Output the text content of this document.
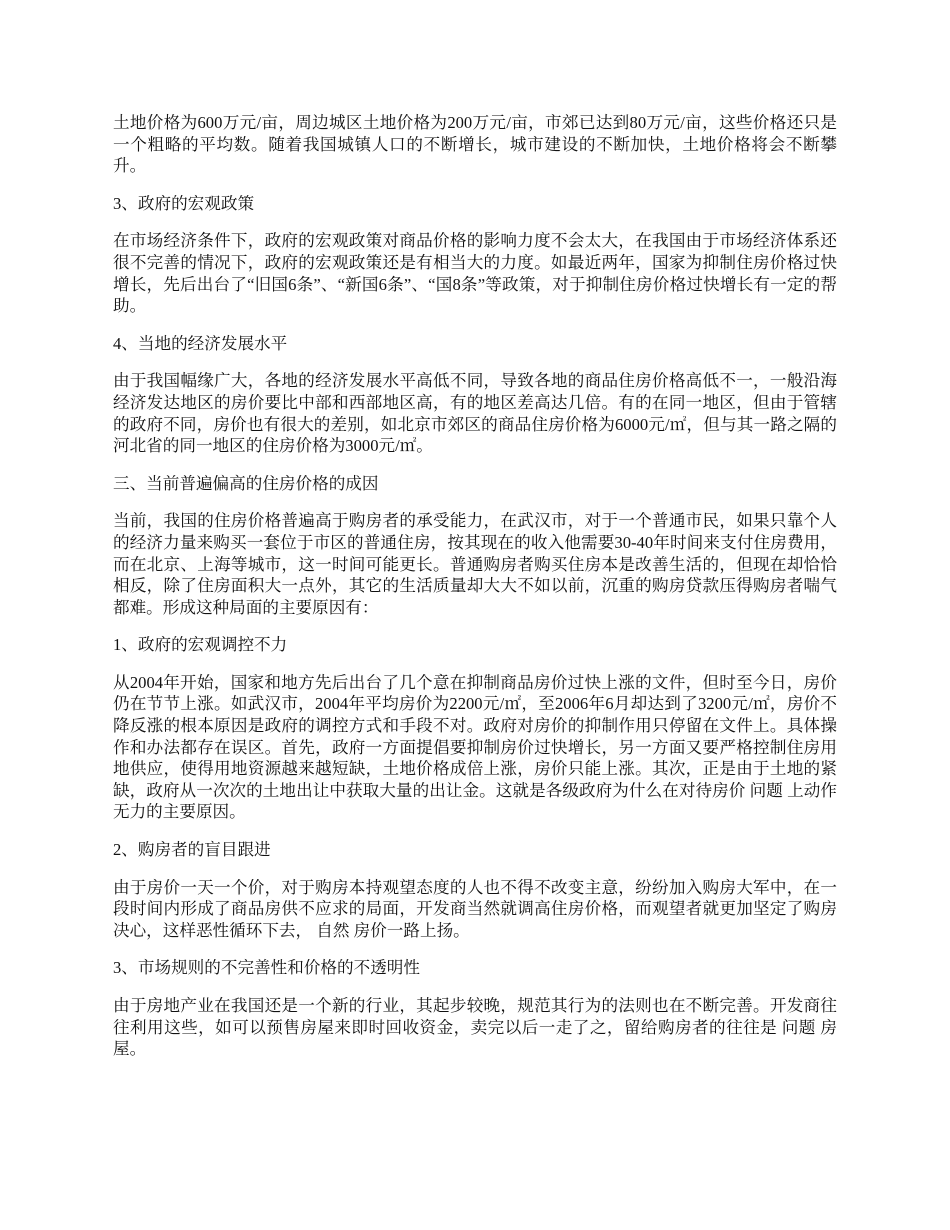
土地价格为600万元/亩，周边城区土地价格为200万元/亩，市郊已达到80万元/亩，这些价格还只是一个粗略的平均数。随着我国城镇人口的不断增长，城市建设的不断加快，土地价格将会不断攀升。

3、政府的宏观政策

在市场经济条件下，政府的宏观政策对商品价格的影响力度不会太大，在我国由于市场经济体系还很不完善的情况下，政府的宏观政策还是有相当大的力度。如最近两年，国家为抑制住房价格过快增长，先后出台了“旧国6条”、“新国6条”、“国8条”等政策，对于抑制住房价格过快增长有一定的帮助。

4、当地的经济发展水平

由于我国幅缘广大，各地的经济发展水平高低不同，导致各地的商品住房价格高低不一，一般沿海经济发达地区的房价要比中部和西部地区高，有的地区差高达几倍。有的在同一地区，但由于管辖的政府不同，房价也有很大的差别，如北京市郊区的商品住房价格为6000元/㎡，但与其一路之隔的河北省的同一地区的住房价格为3000元/㎡。

三、当前普遍偏高的住房价格的成因

当前，我国的住房价格普遍高于购房者的承受能力，在武汉市，对于一个普通市民，如果只靠个人的经济力量来购买一套位于市区的普通住房，按其现在的收入他需要30-40年时间来支付住房费用，而在北京、上海等城市，这一时间可能更长。普通购房者购买住房本是改善生活的，但现在却恰恰相反，除了住房面积大一点外，其它的生活质量却大大不如以前，沉重的购房贷款压得购房者喘气都难。形成这种局面的主要原因有：

1、政府的宏观调控不力

从2004年开始，国家和地方先后出台了几个意在抑制商品房价过快上涨的文件，但时至今日，房价仍在节节上涨。如武汉市，2004年平均房价为2200元/㎡，至2006年6月却达到了3200元/㎡，房价不降反涨的根本原因是政府的调控方式和手段不对。政府对房价的抑制作用只停留在文件上。具体操作和办法都存在误区。首先，政府一方面提倡要抑制房价过快增长，另一方面又要严格控制住房用地供应，使得用地资源越来越短缺，土地价格成倍上涨，房价只能上涨。其次，正是由于土地的紧缺，政府从一次次的土地出让中获取大量的出让金。这就是各级政府为什么在对待房价 问题 上动作无力的主要原因。

2、购房者的盲目跟进

由于房价一天一个价，对于购房本持观望态度的人也不得不改变主意，纷纷加入购房大军中，在一段时间内形成了商品房供不应求的局面，开发商当然就调高住房价格，而观望者就更加坚定了购房决心，这样恶性循环下去， 自然 房价一路上扬。

3、市场规则的不完善性和价格的不透明性

由于房地产业在我国还是一个新的行业，其起步较晚，规范其行为的法则也在不断完善。开发商往往利用这些，如可以预售房屋来即时回收资金，卖完以后一走了之，留给购房者的往往是 问题 房屋。
